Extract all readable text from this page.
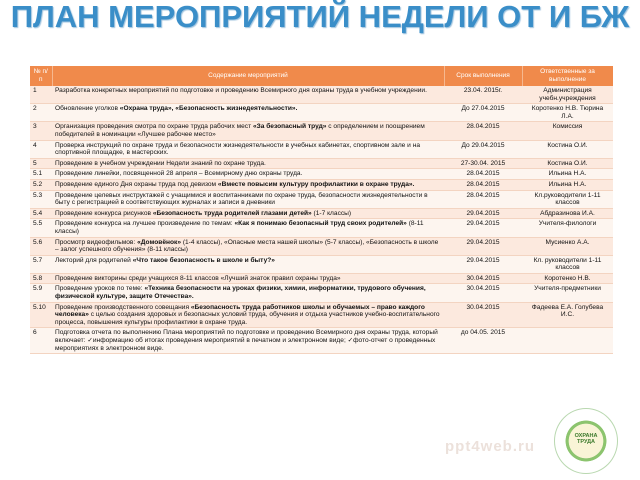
ПЛАН МЕРОПРИЯТИЙ НЕДЕЛИ ОТ И БЖ
№ п/п	Содержание мероприятий	Срок выполнения	Ответственные за выполнение
1	Разработка конкретных мероприятий по подготовке и проведению Всемирного дня охраны труда в учебном учреждении.	23.04. 2015г.	Администрация учебн.учреждения
2	Обновление уголков «Охрана труда», «Безопасность жизнедеятельности».	До 27.04.2015	Коротенко Н.В. Тюрина Л.А.
3	Организация проведения смотра по охране труда рабочих мест «За безопасный труд» с определением и поощрением победителей в номинации «Лучшее рабочее место»	28.04.2015	Комиссия
4	Проверка инструкций по охране труда и безопасности жизнедеятельности в учебных кабинетах, спортивном зале и на спортивной площадке, в мастерских.	До 29.04.2015	Костина О.И.
5	Проведение в учебном учреждении Недели знаний по охране труда.	27-30.04. 2015	Костина О.И.
5.1	Проведение линейки, посвященной 28 апреля – Всемирному дню охраны труда.	28.04.2015	Ильина Н.А.
5.2	Проведение единого Дня охраны труда под девизом «Вместе повысим культуру профилактики в охране труда».	28.04.2015	Ильина Н.А.
5.3	Проведение целевых инструктажей с учащимися и воспитанниками по охране труда, безопасности жизнедеятельности в быту с регистрацией в соответствующих журналах и записи в дневники	28.04.2015	Кл.руководители 1-11 классов
5.4	Проведение конкурса рисунков «Безопасность труда родителей глазами детей» (1-7 классы)	29.04.2015	Абдразинова И.А.
5.5	Проведение конкурса на лучшее произведение по темам: «Как я понимаю безопасный труд своих родителей» (8-11 классы)	29.04.2015	Учителя-филологи
5.6	Просмотр видеофильмов: «Домовёнок» (1-4 классы), «Опасные места нашей школы» (5-7 классы), «Безопасность в школе – залог успешного обучения» (8-11 классы)	29.04.2015	Мусиенко А.А.
5.7	Лекторий для родителей «Что такое безопасность в школе и быту?»	29.04.2015	Кл. руководители 1-11 классов
5.8	Проведение викторины среди учащихся 8-11 классов «Лучший знаток правил охраны труда»	30.04.2015	Коротенко Н.В.
5.9	Проведение уроков по теме: «Техника безопасности на уроках физики, химии, информатики, трудового обучения, физической культуре, защите Отечества».	30.04.2015	Учителя-предметники
5.10	Проведение производственного совещания «Безопасность труда работников школы и обучаемых – право каждого человека» с целью создания здоровых и безопасных условий труда, обучения и отдыха участников учебно-воспитательного процесса, повышения культуры профилактики в охране труда.	30.04.2015	Фадеева Е.А. Голубева И.С.
6	Подготовка отчета по выполнению Плана мероприятий по подготовке и проведению Всемирного дня охраны труда, который включает: ✓информацию об итогах проведения мероприятий в печатном и электронном виде; ✓фото-отчет о проведенных мероприятиях в электронном виде.	до 04.05. 2015	
ОХРАНА ТРУДА
ppt4web.ru
